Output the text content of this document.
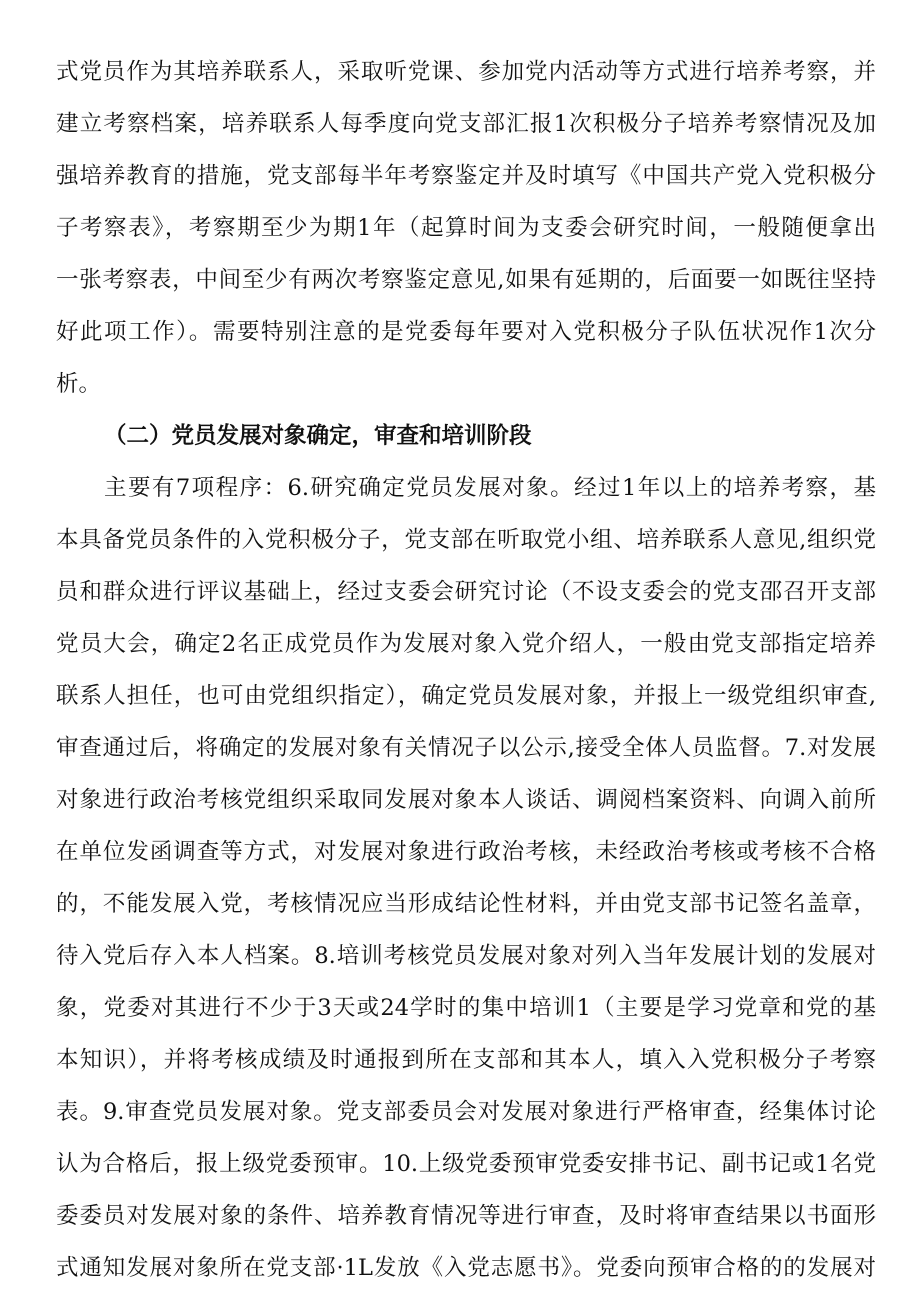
式党员作为其培养联系人，采取听党课、参加党内活动等方式进行培养考察，并
建立考察档案，培养联系人每季度向党支部汇报1次积极分子培养考察情况及加
强培养教育的措施，党支部每半年考察鉴定并及时填写《中国共产党入党积极分
子考察表》，考察期至少为期1年（起算时间为支委会研究时间，一般随便拿出
一张考察表，中间至少有两次考察鉴定意见,如果有延期的，后面要一如既往坚持
好此项工作）。需要特别注意的是党委每年要对入党积极分子队伍状况作1次分
析。
（二）党员发展对象确定，审查和培训阶段
主要有7项程序：6.研究确定党员发展对象。经过1年以上的培养考察，基
本具备党员条件的入党积极分子，党支部在听取党小组、培养联系人意见,组织党
员和群众进行评议基础上，经过支委会研究讨论（不设支委会的党支邵召开支部
党员大会，确定2名正成党员作为发展对象入党介绍人，一般由党支部指定培养
联系人担任，也可由党组织指定），确定党员发展对象，并报上一级党组织审查,
审查通过后，将确定的发展对象有关情况子以公示,接受全体人员监督。7.对发展
对象进行政治考核党组织采取同发展对象本人谈话、调阅档案资料、向调入前所
在单位发函调查等方式，对发展对象进行政治考核，未经政治考核或考核不合格
的，不能发展入党，考核情况应当形成结论性材料，并由党支部书记签名盖章，
待入党后存入本人档案。8.培训考核党员发展对象对列入当年发展计划的发展对
象，党委对其进行不少于3天或24学时的集中培训1（主要是学习党章和党的基
本知识），并将考核成绩及时通报到所在支部和其本人，填入入党积极分子考察
表。9.审查党员发展对象。党支部委员会对发展对象进行严格审查，经集体讨论
认为合格后，报上级党委预审。10.上级党委预审党委安排书记、副书记或1名党
委委员对发展对象的条件、培养教育情况等进行审查，及时将审查结果以书面形
式通知发展对象所在党支部·1L发放《入党志愿书》。党委向预审合格的的发展对
